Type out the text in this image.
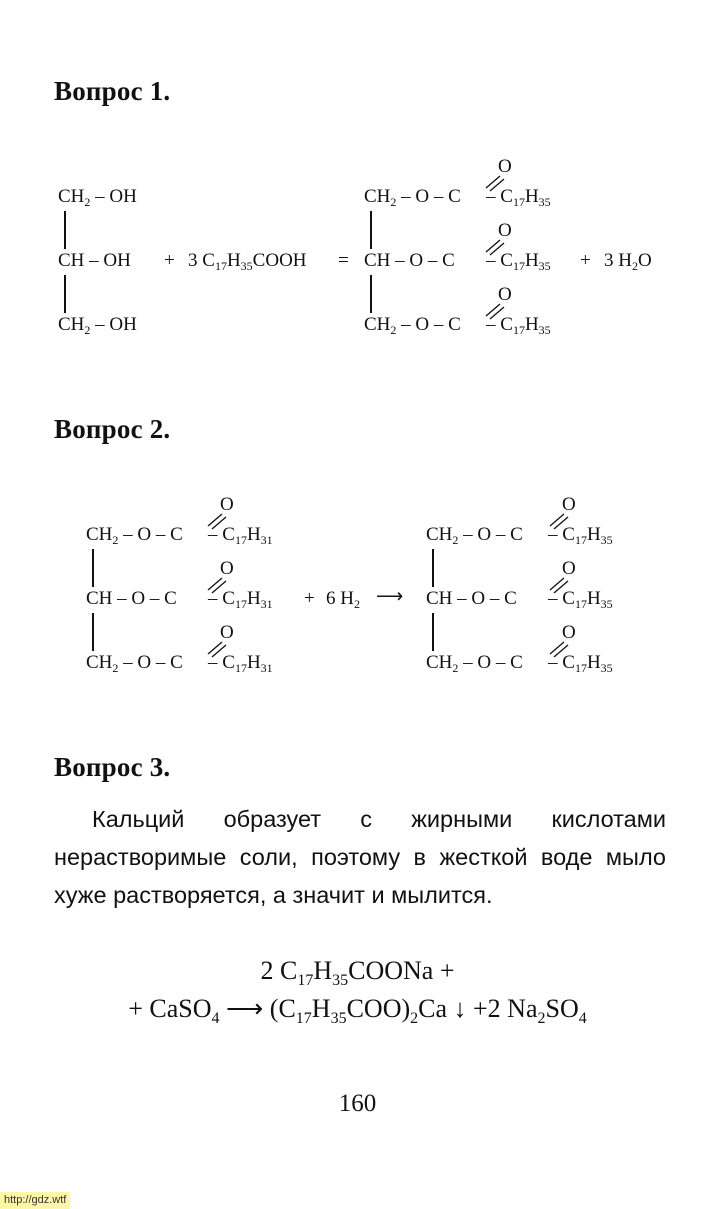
Вопрос 1.
$CH_2$ – OH
CH – OH
$CH_2$ – OH
+ 3 $C_{17}H_{35}COOH$ =
$CH_2$ – O – C
CH – O – C
$CH_2$ – O – C
– $C_{17}H_{35}$
– $C_{17}H_{35}$
– $C_{17}H_{35}$
O
O
O
+ 3 $H_2O$
Вопрос 2.
$CH_2$ – O – C
CH – O – C
$CH_2$ – O – C
– $C_{17}H_{31}$
– $C_{17}H_{31}$
– $C_{17}H_{31}$
O
O
O
+ 6 $H_2$ ⟶
$CH_2$ – O – C
CH – O – C
$CH_2$ – O – C
– $C_{17}H_{35}$
– $C_{17}H_{35}$
– $C_{17}H_{35}$
O
O
O
Вопрос 3.
Кальций образует с жирными кислотами нерастворимые соли, поэтому в жесткой воде мыло хуже растворяется, а значит и мылится.
2 $C_{17}H_{35}COONa$ +
+ CaSO$_4$ ⟶ $(C_{17}H_{35}COO)_2Ca$ ↓ +2 $Na_2SO_4$
160
http://gdz.wtf
